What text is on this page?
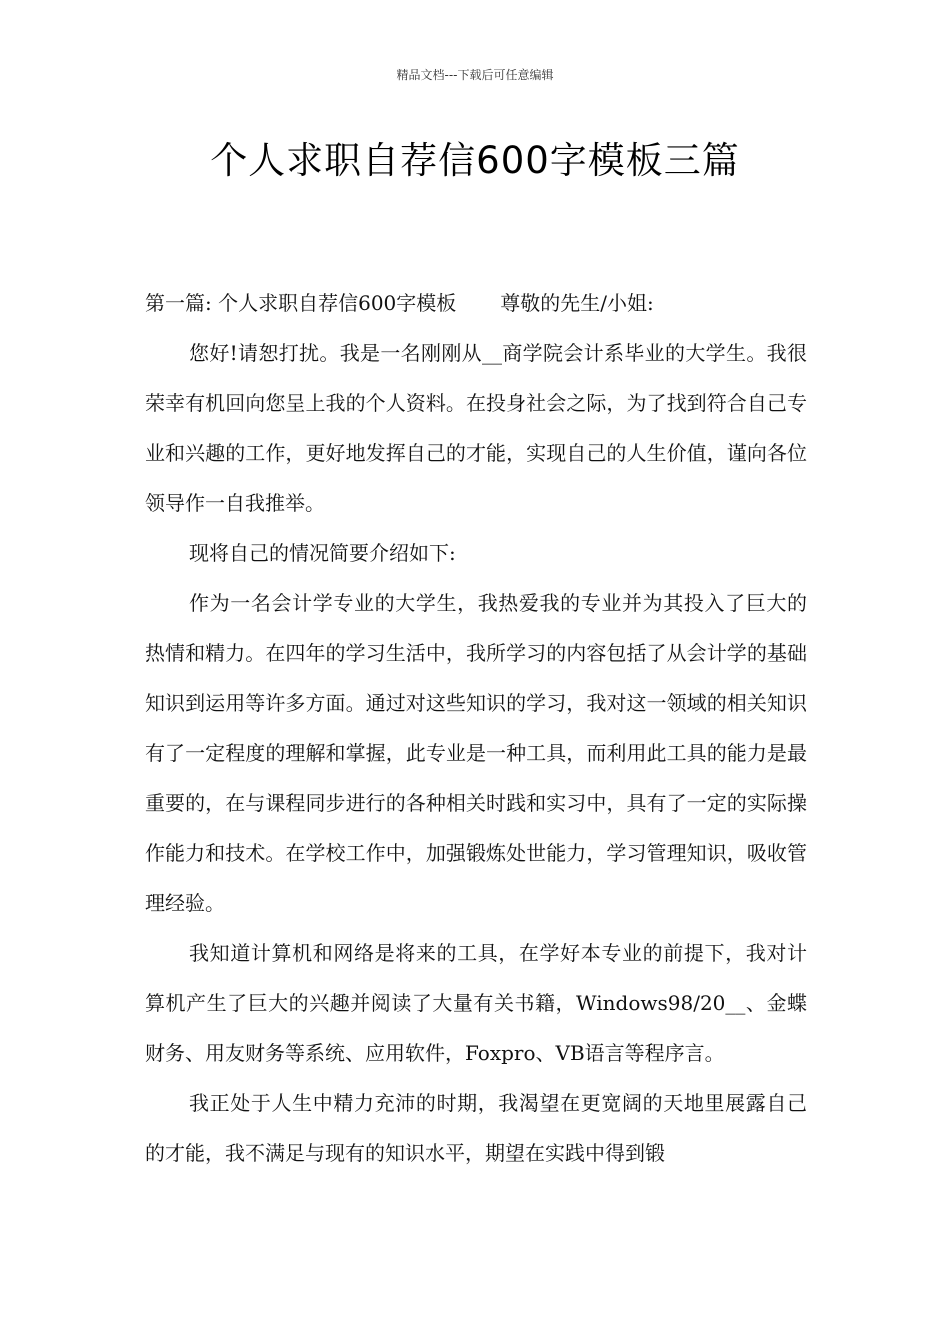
精品文档---下载后可任意编辑
个人求职自荐信600字模板三篇

第一篇: 个人求职自荐信600字模板 尊敬的先生/小姐:

您好!请恕打扰。我是一名刚刚从__商学院会计系毕业的大学生。我很荣幸有机回向您呈上我的个人资料。在投身社会之际，为了找到符合自己专业和兴趣的工作，更好地发挥自己的才能，实现自己的人生价值，谨向各位领导作一自我推举。

现将自己的情况简要介绍如下:

作为一名会计学专业的大学生，我热爱我的专业并为其投入了巨大的热情和精力。在四年的学习生活中，我所学习的内容包括了从会计学的基础知识到运用等许多方面。通过对这些知识的学习，我对这一领域的相关知识有了一定程度的理解和掌握，此专业是一种工具，而利用此工具的能力是最重要的，在与课程同步进行的各种相关时践和实习中，具有了一定的实际操作能力和技术。在学校工作中，加强锻炼处世能力，学习管理知识，吸收管理经验。

我知道计算机和网络是将来的工具，在学好本专业的前提下，我对计算机产生了巨大的兴趣并阅读了大量有关书籍，Windows98/20__、金蝶财务、用友财务等系统、应用软件，Foxpro、VB语言等程序言。

我正处于人生中精力充沛的时期，我渴望在更宽阔的天地里展露自己的才能，我不满足与现有的知识水平，期望在实践中得到锻
